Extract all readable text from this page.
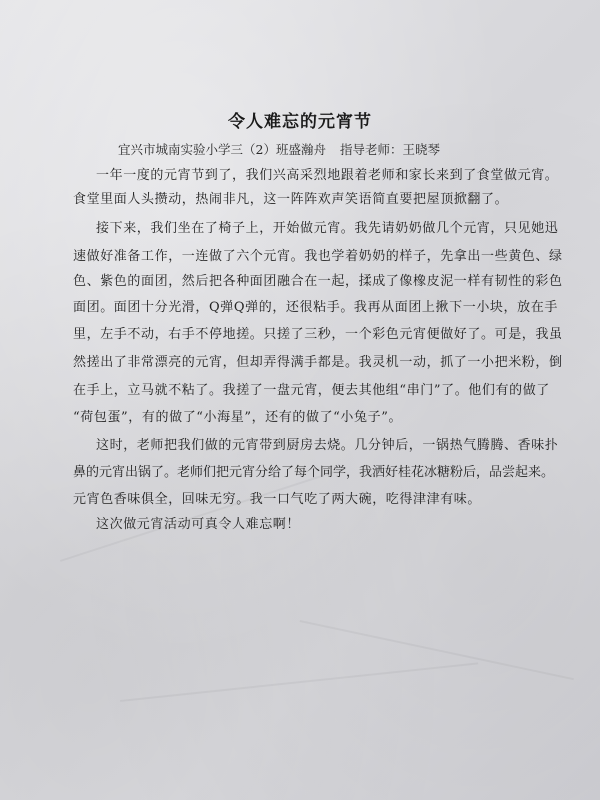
令人难忘的元宵节
宜兴市城南实验小学三（2）班盛瀚舟 指导老师：王晓琴
一年一度的元宵节到了，我们兴高采烈地跟着老师和家长来到了食堂做元宵。
食堂里面人头攒动，热闹非凡，这一阵阵欢声笑语简直要把屋顶掀翻了。
接下来，我们坐在了椅子上，开始做元宵。我先请奶奶做几个元宵，只见她迅
速做好准备工作，一连做了六个元宵。我也学着奶奶的样子，先拿出一些黄色、绿
色、紫色的面团，然后把各种面团融合在一起，揉成了像橡皮泥一样有韧性的彩色
面团。面团十分光滑，Q弹Q弹的，还很粘手。我再从面团上揪下一小块，放在手
里，左手不动，右手不停地搓。只搓了三秒，一个彩色元宵便做好了。可是，我虽
然搓出了非常漂亮的元宵，但却弄得满手都是。我灵机一动，抓了一小把米粉，倒
在手上，立马就不粘了。我搓了一盘元宵，便去其他组“串门”了。他们有的做了
“荷包蛋”，有的做了“小海星”，还有的做了“小兔子”。
这时，老师把我们做的元宵带到厨房去烧。几分钟后，一锅热气腾腾、香味扑
鼻的元宵出锅了。老师们把元宵分给了每个同学，我洒好桂花冰糖粉后，品尝起来。
元宵色香味俱全，回味无穷。我一口气吃了两大碗，吃得津津有味。
这次做元宵活动可真令人难忘啊！
